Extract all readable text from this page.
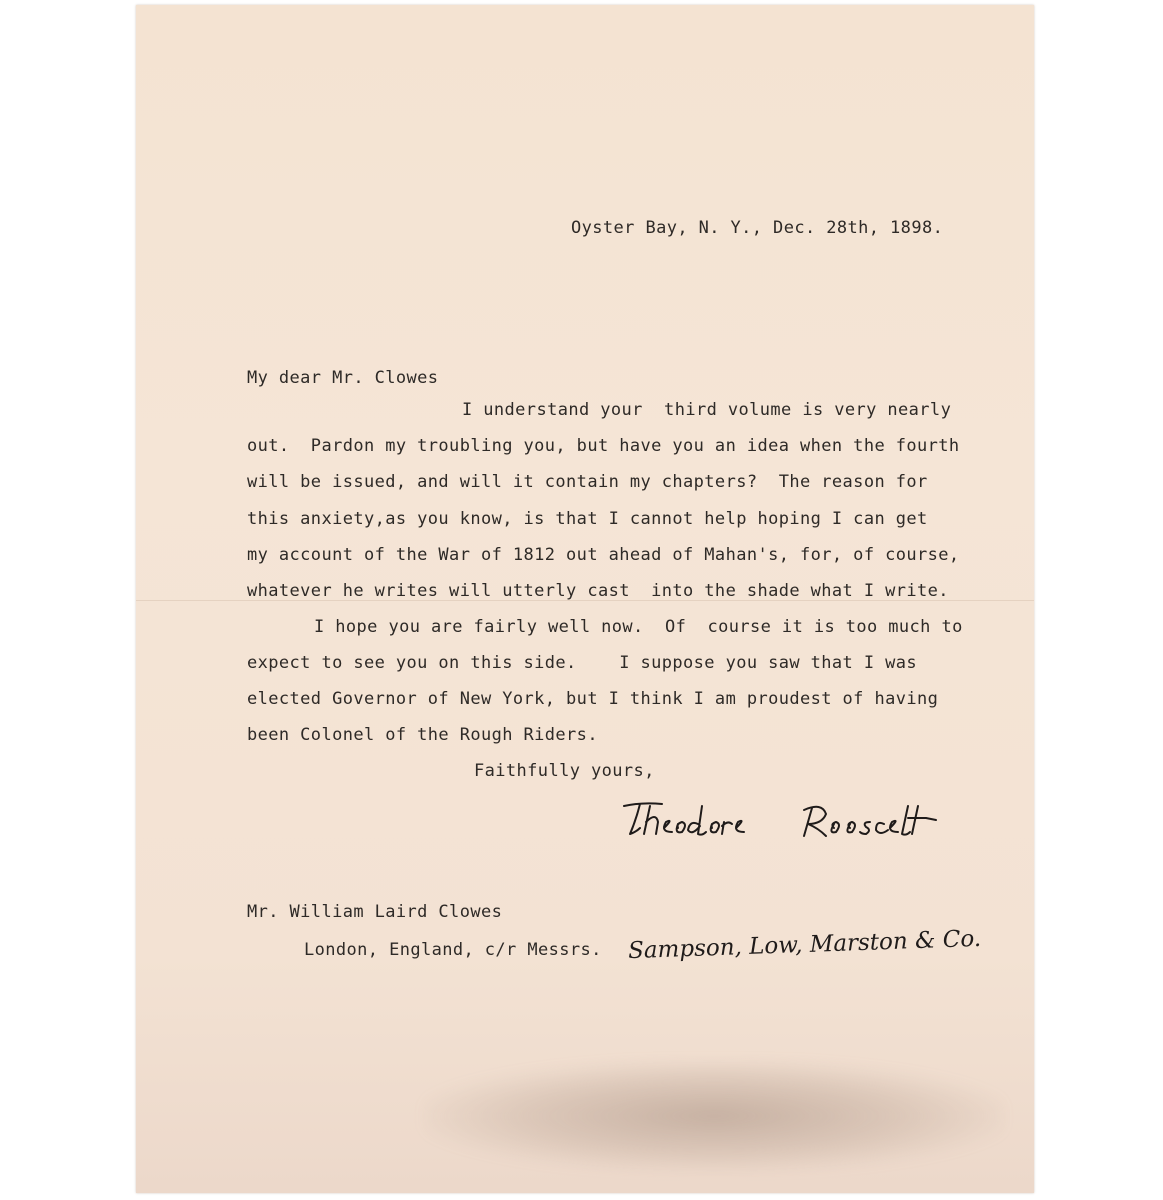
Oyster Bay, N. Y., Dec. 28th, 1898.
My dear Mr. Clowes
I understand your  third volume is very nearly
out.  Pardon my troubling you, but have you an idea when the fourth
will be issued, and will it contain my chapters?  The reason for
this anxiety,as you know, is that I cannot help hoping I can get
my account of the War of 1812 out ahead of Mahan's, for, of course,
whatever he writes will utterly cast  into the shade what I write.
I hope you are fairly well now.  Of  course it is too much to
expect to see you on this side.    I suppose you saw that I was
elected Governor of New York, but I think I am proudest of having
been Colonel of the Rough Riders.
Faithfully yours,
Mr. William Laird Clowes
London, England, c/r Messrs. Sampson, Low, Marston & Co.
